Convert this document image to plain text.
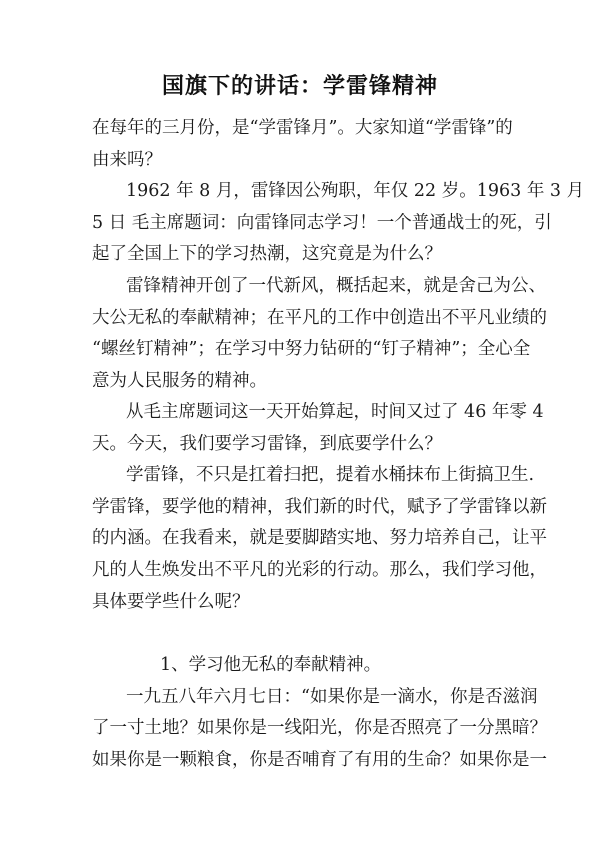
国旗下的讲话：学雷锋精神
在每年的三月份，是“学雷锋月”。大家知道“学雷锋”的
由来吗？
1962 年 8 月，雷锋因公殉职，年仅 22 岁。1963 年 3 月
5 日 毛主席题词：向雷锋同志学习！一个普通战士的死，引
起了全国上下的学习热潮，这究竟是为什么？
雷锋精神开创了一代新风，概括起来，就是舍己为公、
大公无私的奉献精神；在平凡的工作中创造出不平凡业绩的
“螺丝钉精神”；在学习中努力钻研的“钉子精神”；全心全
意为人民服务的精神。
从毛主席题词这一天开始算起，时间又过了 46 年零 4
天。今天，我们要学习雷锋，到底要学什么？
学雷锋，不只是扛着扫把，提着水桶抹布上街搞卫生.
学雷锋，要学他的精神，我们新的时代，赋予了学雷锋以新
的内涵。在我看来，就是要脚踏实地、努力培养自己，让平
凡的人生焕发出不平凡的光彩的行动。那么，我们学习他，
具体要学些什么呢？
1、学习他无私的奉献精神。
一九五八年六月七日：“如果你是一滴水，你是否滋润
了一寸土地？如果你是一线阳光，你是否照亮了一分黑暗？
如果你是一颗粮食，你是否哺育了有用的生命？如果你是一
